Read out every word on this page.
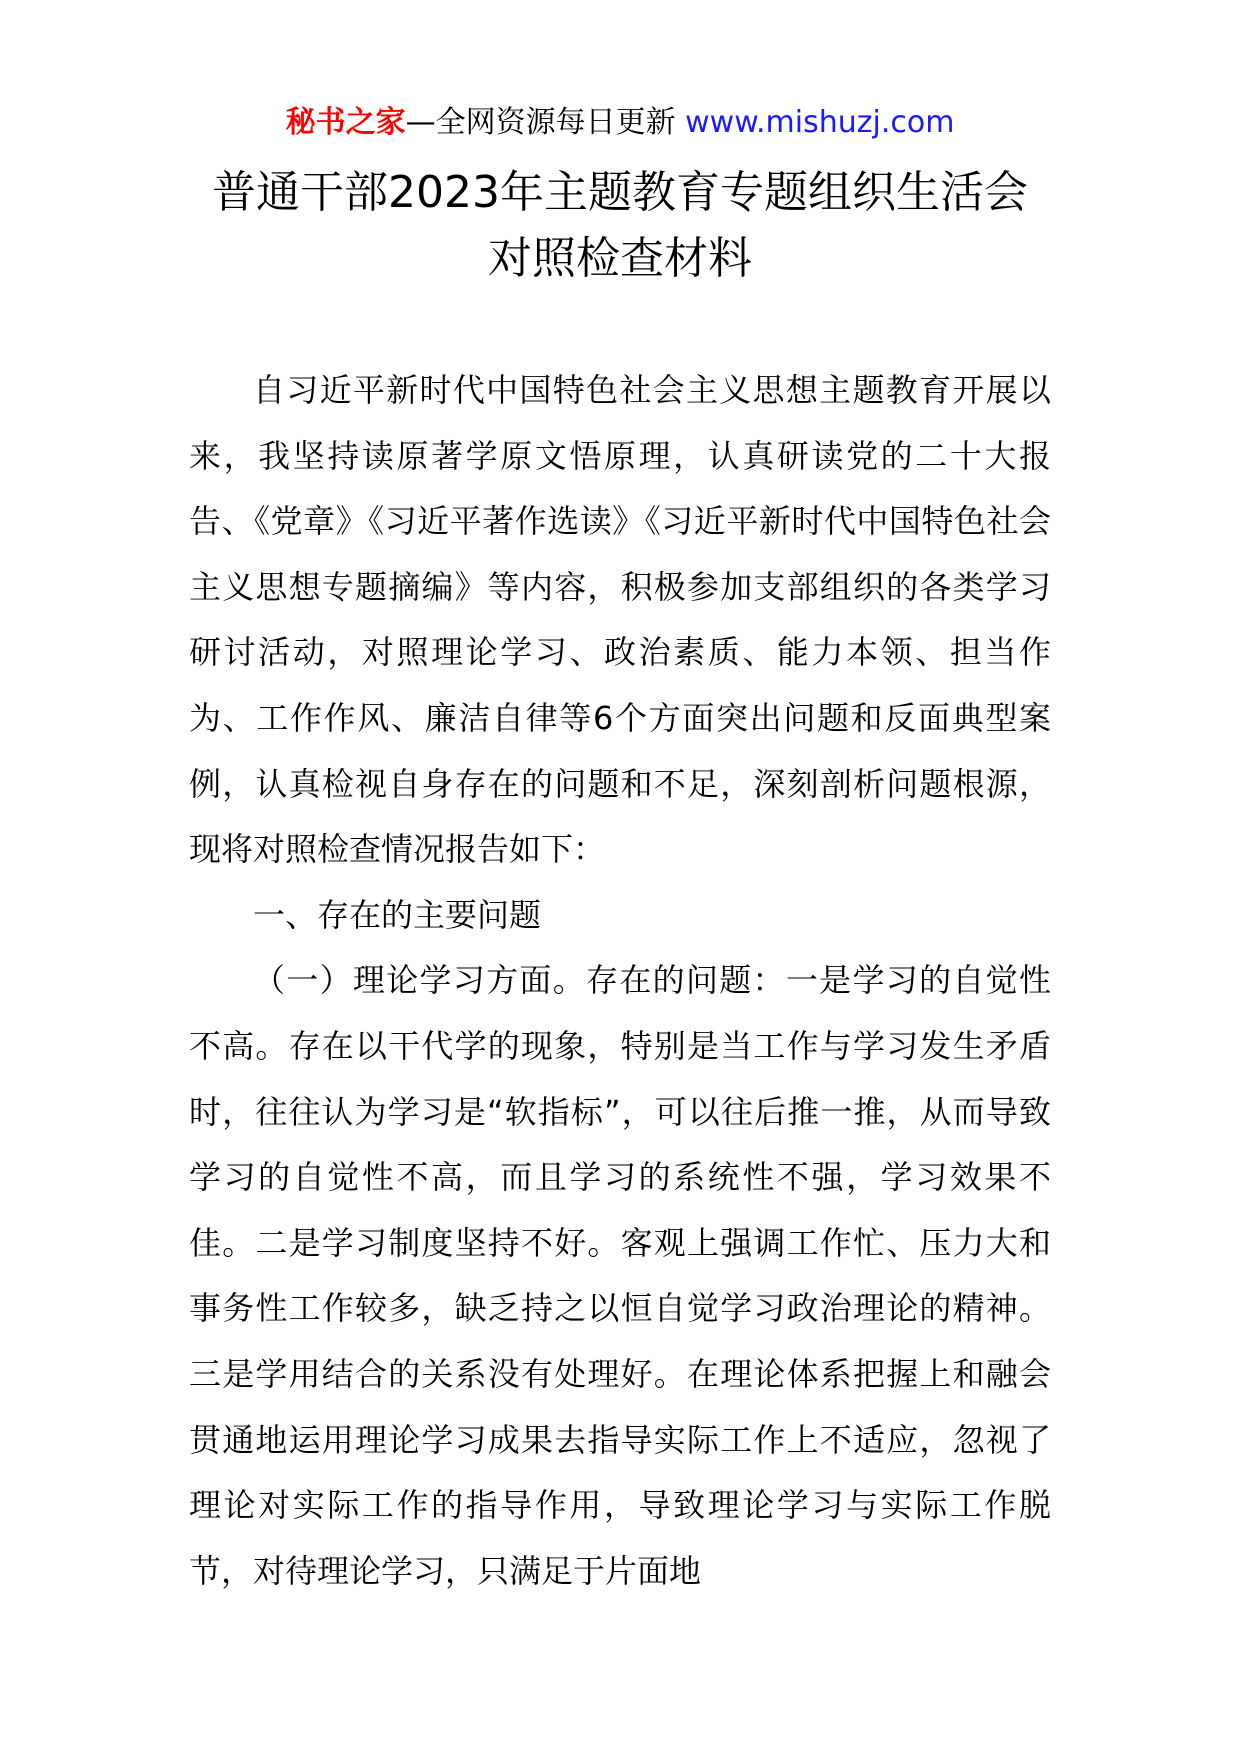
秘书之家—全网资源每日更新 www.mishuzj.com
普通干部2023年主题教育专题组织生活会
对照检查材料

自习近平新时代中国特色社会主义思想主题教育开展以来，我坚持读原著学原文悟原理，认真研读党的二十大报告、《党章》《习近平著作选读》《习近平新时代中国特色社会主义思想专题摘编》等内容，积极参加支部组织的各类学习研讨活动，对照理论学习、政治素质、能力本领、担当作为、工作作风、廉洁自律等6个方面突出问题和反面典型案例，认真检视自身存在的问题和不足，深刻剖析问题根源，现将对照检查情况报告如下：

一、存在的主要问题

（一）理论学习方面。存在的问题：一是学习的自觉性不高。存在以干代学的现象，特别是当工作与学习发生矛盾时，往往认为学习是“软指标”，可以往后推一推，从而导致学习的自觉性不高，而且学习的系统性不强，学习效果不佳。二是学习制度坚持不好。客观上强调工作忙、压力大和事务性工作较多，缺乏持之以恒自觉学习政治理论的精神。三是学用结合的关系没有处理好。在理论体系把握上和融会贯通地运用理论学习成果去指导实际工作上不适应，忽视了理论对实际工作的指导作用，导致理论学习与实际工作脱节，对待理论学习，只满足于片面地
